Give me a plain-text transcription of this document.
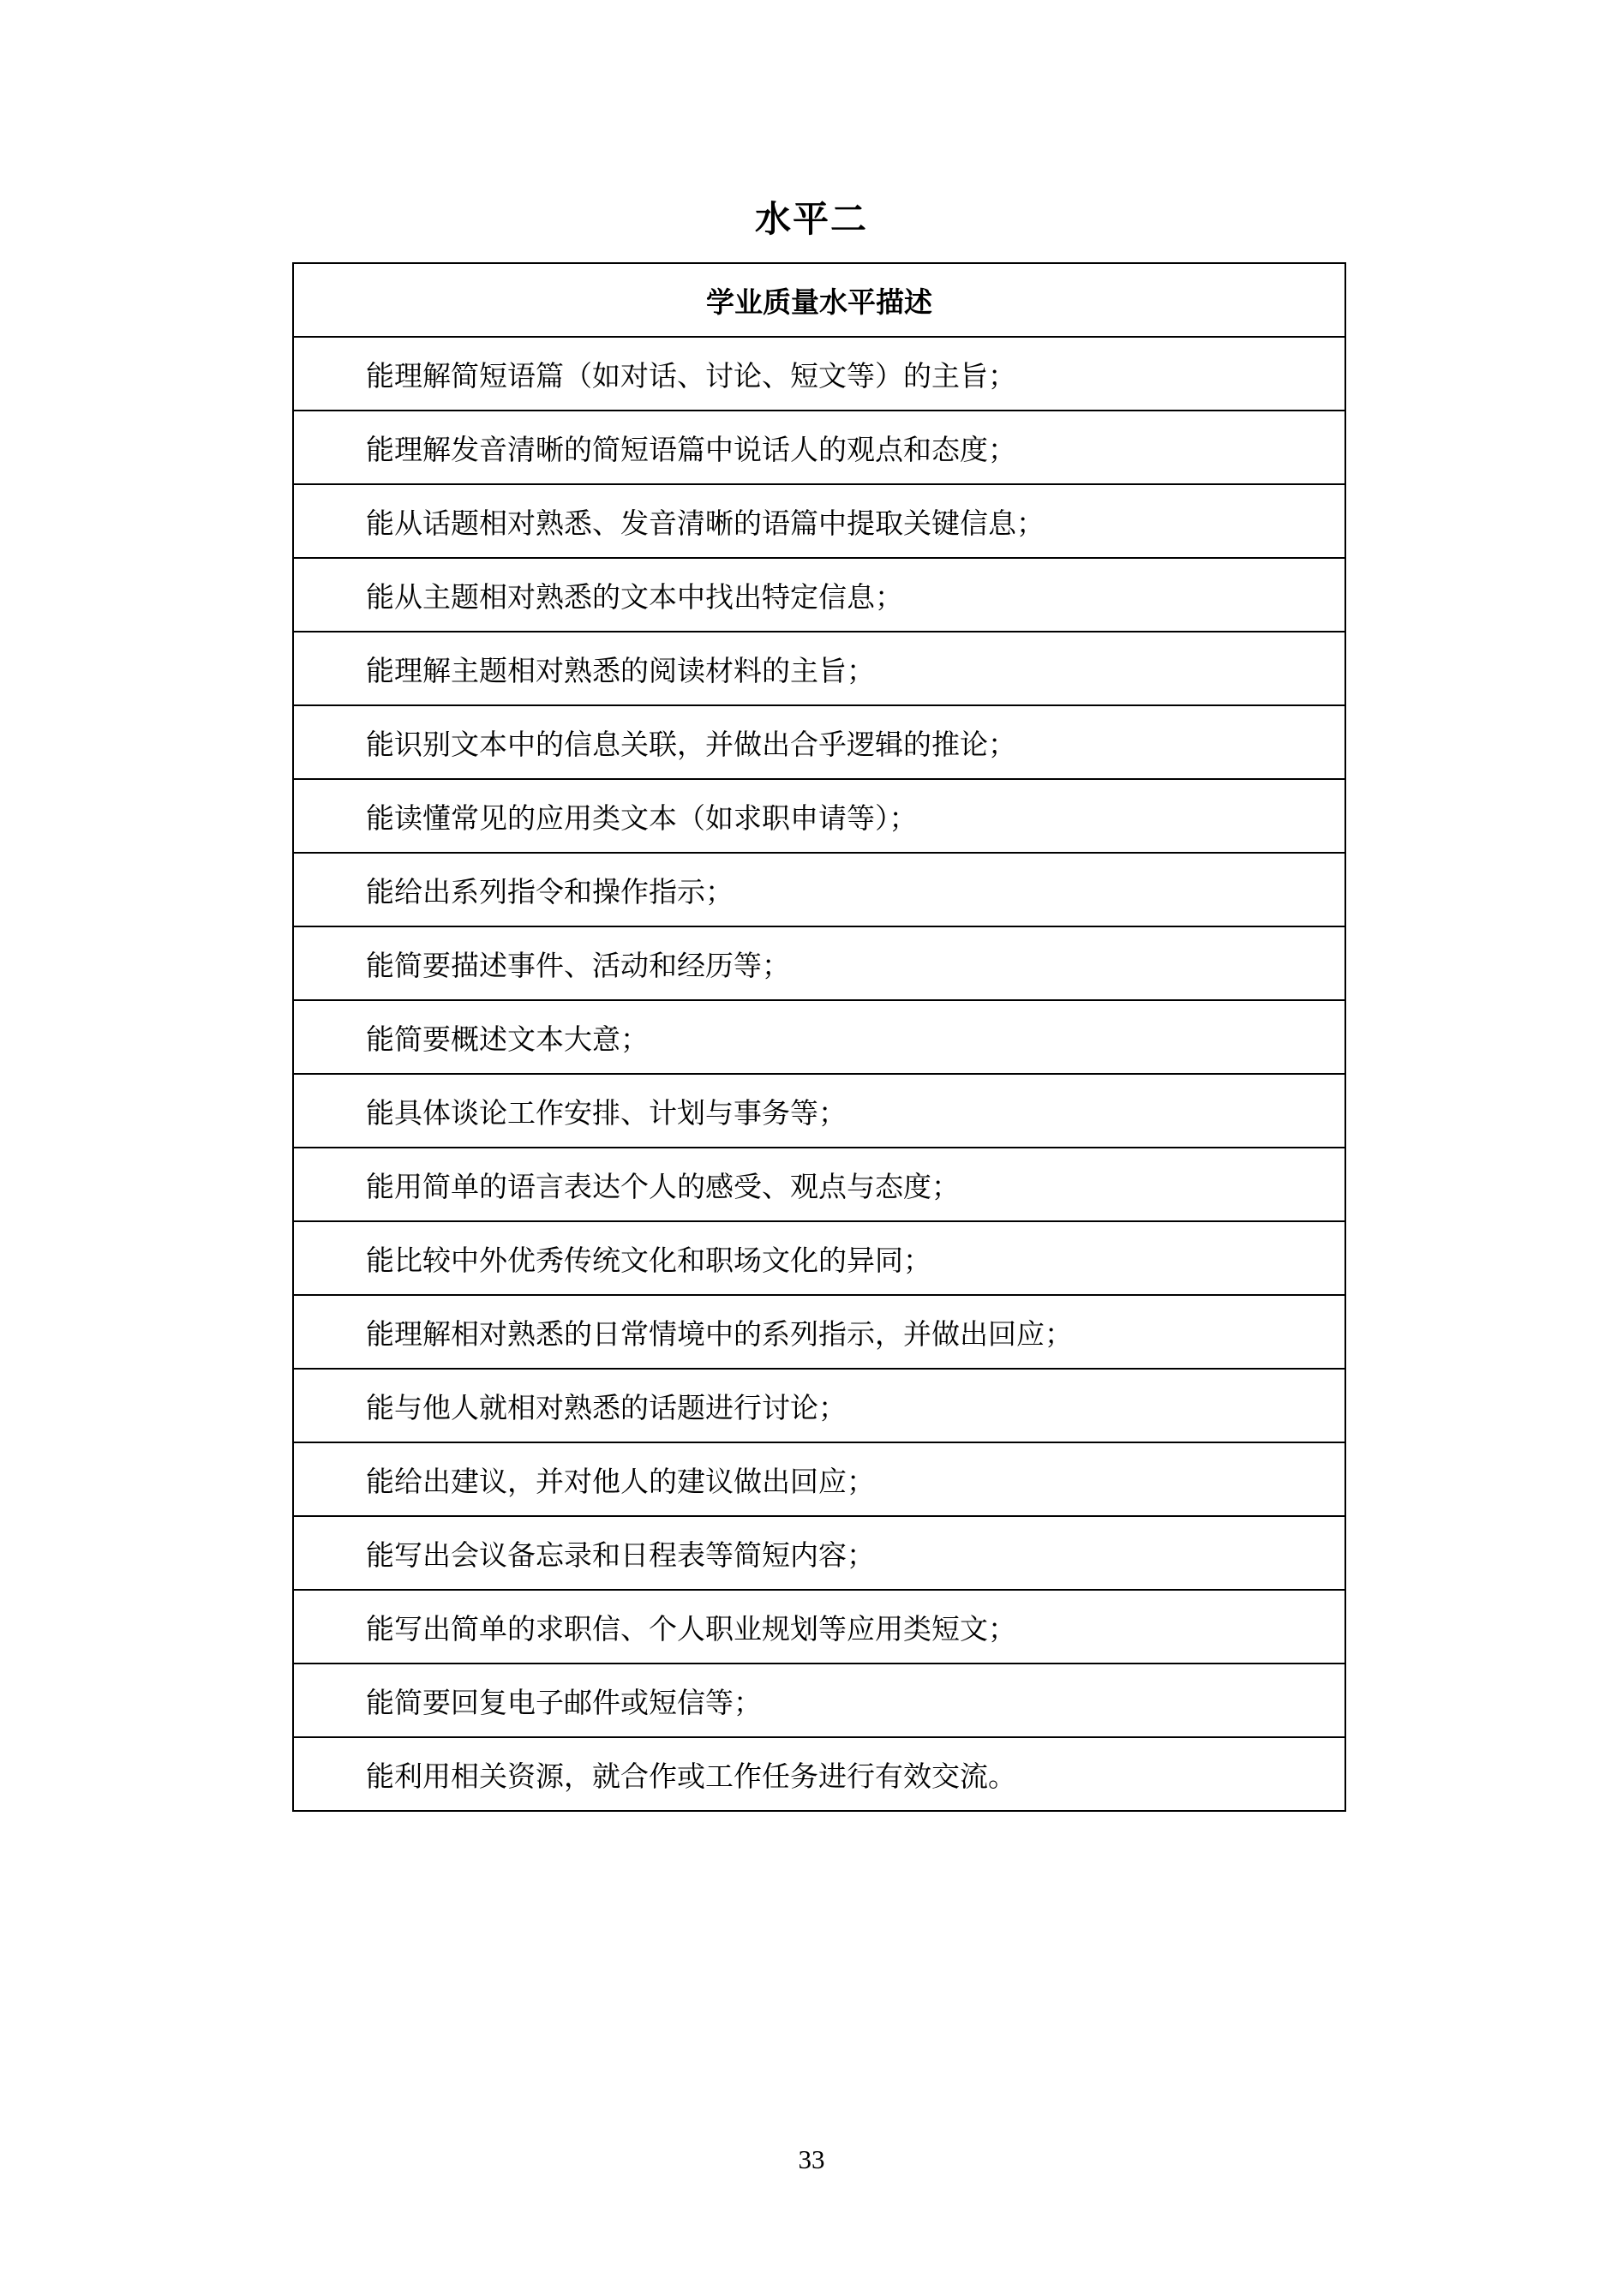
水平二
学业质量水平描述
能理解简短语篇（如对话、讨论、短文等）的主旨；
能理解发音清晰的简短语篇中说话人的观点和态度；
能从话题相对熟悉、发音清晰的语篇中提取关键信息；
能从主题相对熟悉的文本中找出特定信息；
能理解主题相对熟悉的阅读材料的主旨；
能识别文本中的信息关联，并做出合乎逻辑的推论；
能读懂常见的应用类文本（如求职申请等）；
能给出系列指令和操作指示；
能简要描述事件、活动和经历等；
能简要概述文本大意；
能具体谈论工作安排、计划与事务等；
能用简单的语言表达个人的感受、观点与态度；
能比较中外优秀传统文化和职场文化的异同；
能理解相对熟悉的日常情境中的系列指示，并做出回应；
能与他人就相对熟悉的话题进行讨论；
能给出建议，并对他人的建议做出回应；
能写出会议备忘录和日程表等简短内容；
能写出简单的求职信、个人职业规划等应用类短文；
能简要回复电子邮件或短信等；
能利用相关资源，就合作或工作任务进行有效交流。
33
